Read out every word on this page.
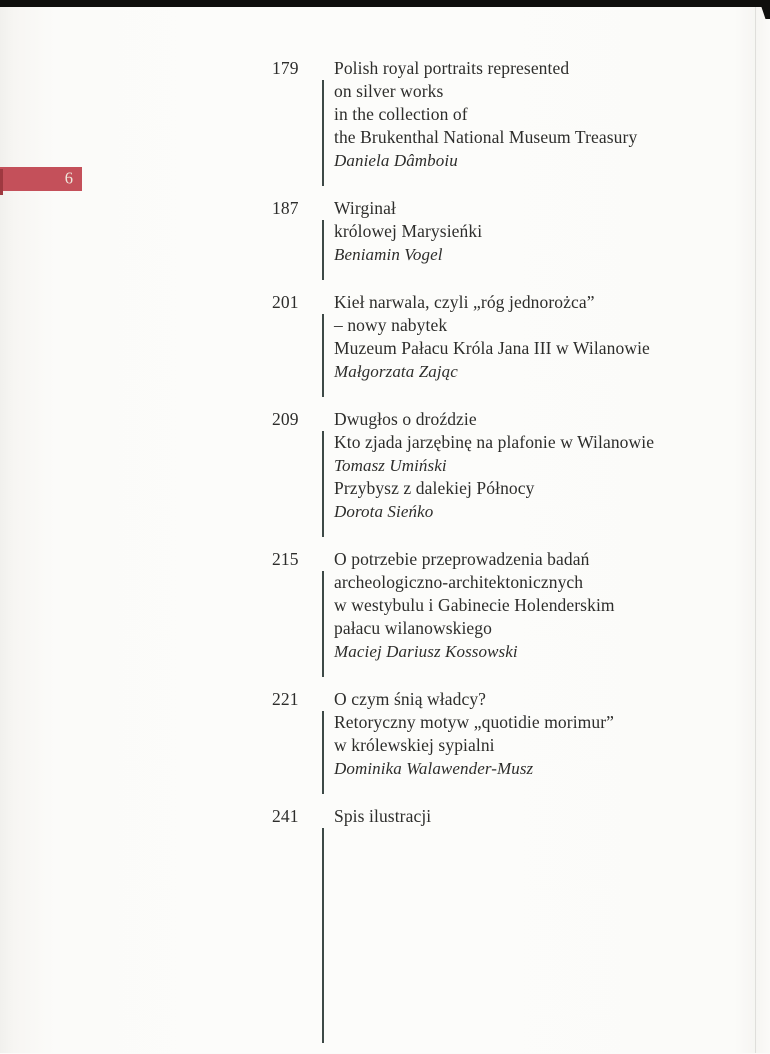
6
179	Polish royal portraits represented
on silver works
in the collection of
the Brukenthal National Museum Treasury
Daniela Dâmboiu
187	Wirginał
królowej Marysieńki
Beniamin Vogel
201	Kieł narwala, czyli „róg jednorożca”
– nowy nabytek
Muzeum Pałacu Króla Jana III w Wilanowie
Małgorzata Zając
209	Dwugłos o droździe
Kto zjada jarzębinę na plafonie w Wilanowie
Tomasz Umiński
Przybysz z dalekiej Północy
Dorota Sieńko
215	O potrzebie przeprowadzenia badań
archeologiczno-architektonicznych
w westybulu i Gabinecie Holenderskim
pałacu wilanowskiego
Maciej Dariusz Kossowski
221	O czym śnią władcy?
Retoryczny motyw „quotidie morimur”
w królewskiej sypialni
Dominika Walawender-Musz
241	Spis ilustracji
